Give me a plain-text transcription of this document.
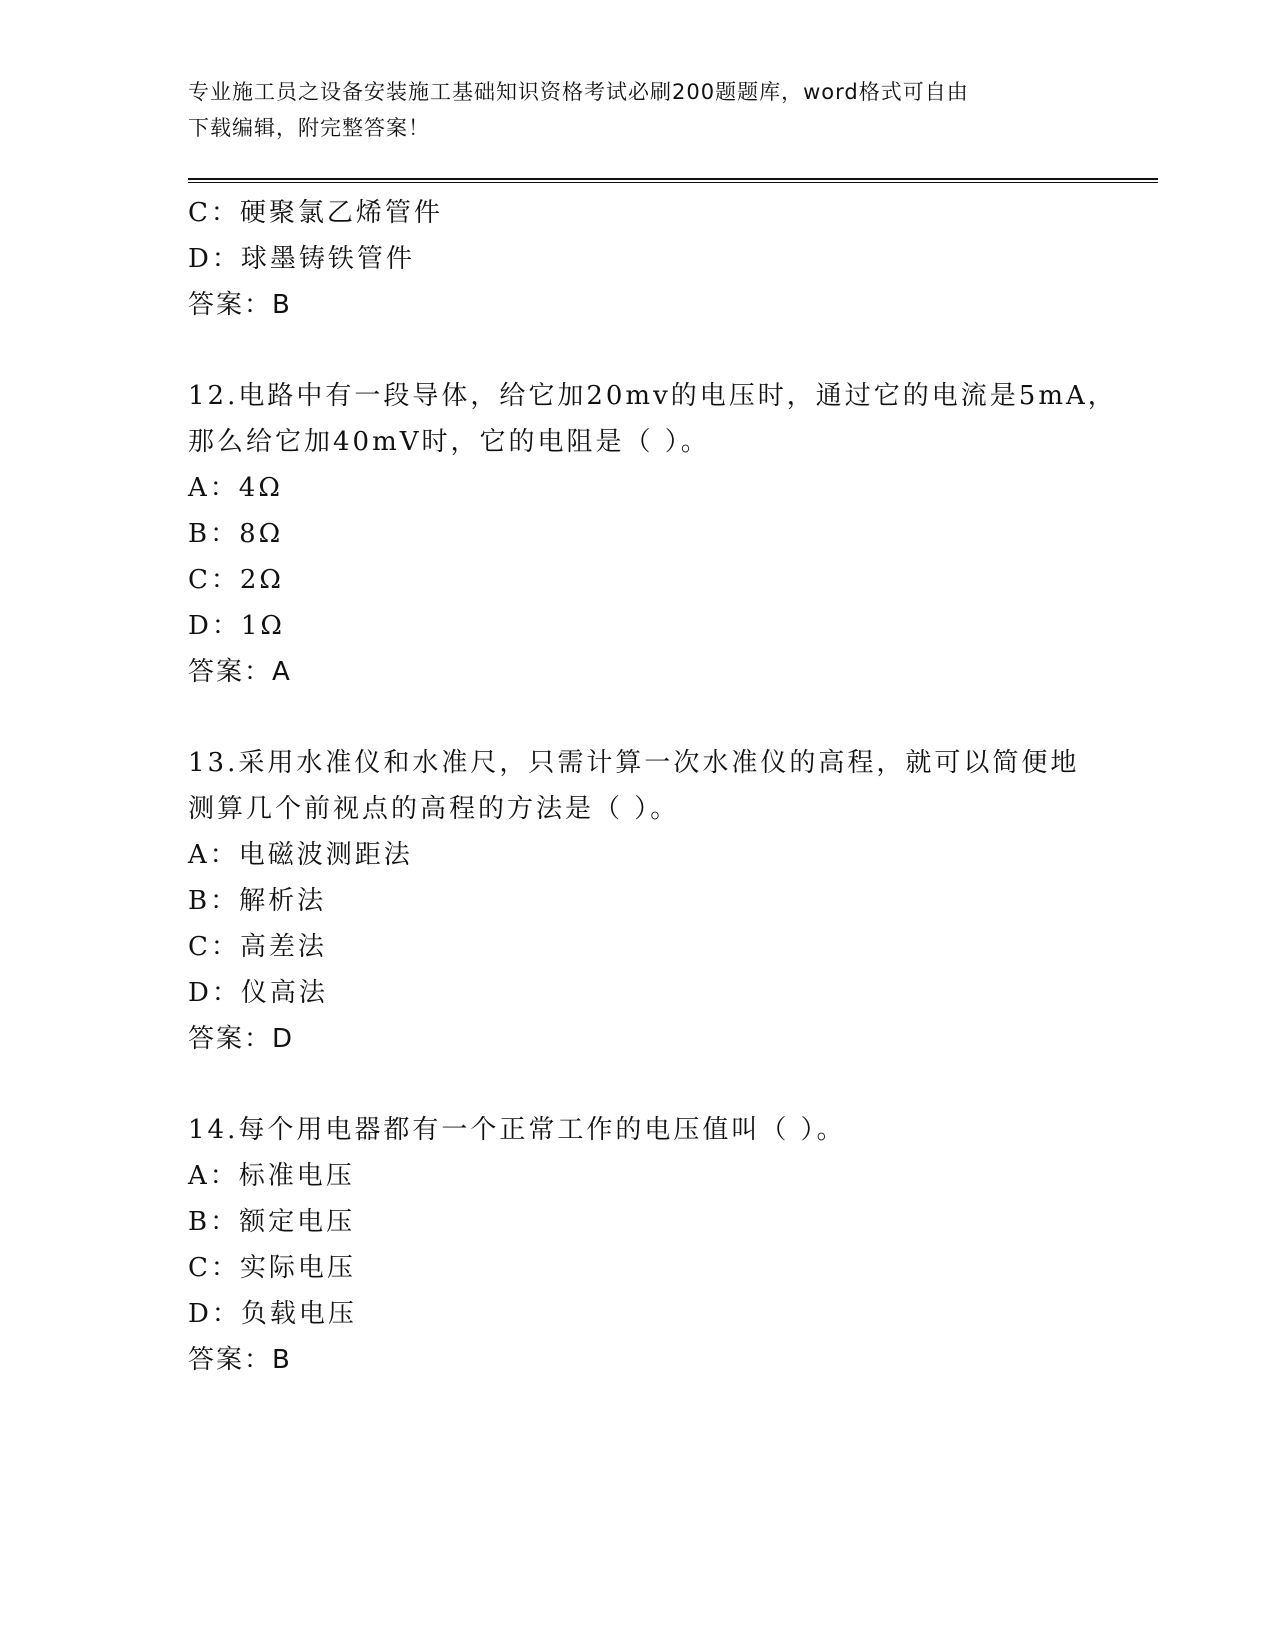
专业施工员之设备安装施工基础知识资格考试必刷200题题库，word格式可自由
下载编辑，附完整答案！
C：硬聚氯乙烯管件
D：球墨铸铁管件
答案：B
12.电路中有一段导体，给它加20mv的电压时，通过它的电流是5mA，
那么给它加40mV时，它的电阻是（ ）。
A：4Ω
B：8Ω
C：2Ω
D：1Ω
答案：A
13.采用水准仪和水准尺，只需计算一次水准仪的高程，就可以简便地
测算几个前视点的高程的方法是（ ）。
A：电磁波测距法
B：解析法
C：高差法
D：仪高法
答案：D
14.每个用电器都有一个正常工作的电压值叫（ ）。
A：标准电压
B：额定电压
C：实际电压
D：负载电压
答案：B
